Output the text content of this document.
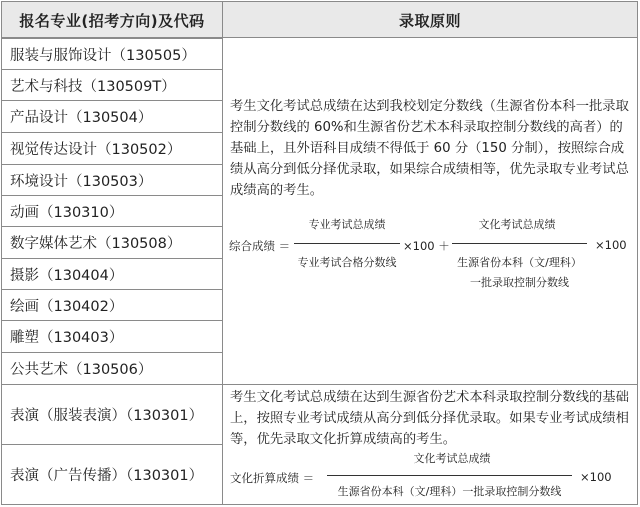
报名专业(招考方向)及代码	录取原则
服装与服饰设计（130505）
艺术与科技（130509T）
产品设计（130504）
视觉传达设计（130502）
环境设计（130503）
动画（130310）
数字媒体艺术（130508）
摄影（130404）
绘画（130402）
雕塑（130403）
公共艺术（130506）
表演（服装表演）（130301）
表演（广告传播）（130301）
考生文化考试总成绩在达到我校划定分数线（生源省份本科一批录取控制分数线的 60%和生源省份艺术本科录取控制分数线的高者）的基础上，且外语科目成绩不得低于 60 分（150 分制），按照综合成绩从高分到低分择优录取，如果综合成绩相等，优先录取专业考试总成绩高的考生。
综合成绩 ＝
专业考试总成绩
专业考试合格分数线
×100 ＋
文化考试总成绩
生源省份本科（文/理科）
一批录取控制分数线
×100
考生文化考试总成绩在达到生源省份艺术本科录取控制分数线的基础上，按照专业考试成绩从高分到低分择优录取。如果专业考试成绩相等，优先录取文化折算成绩高的考生。
文化折算成绩 ＝
文化考试总成绩
生源省份本科（文/理科）一批录取控制分数线
×100
